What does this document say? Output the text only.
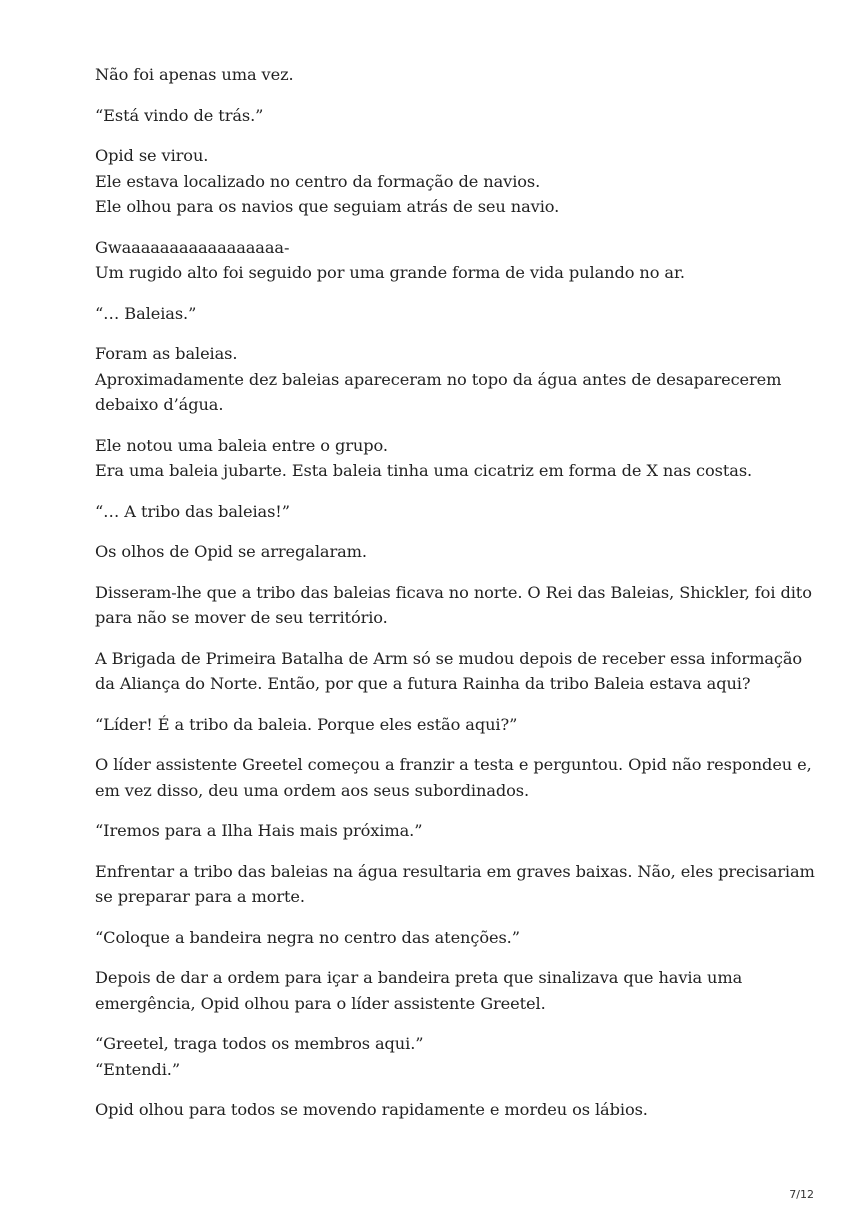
Não foi apenas uma vez.
“Está vindo de trás.”
Opid se virou.
Ele estava localizado no centro da formação de navios.
Ele olhou para os navios que seguiam atrás de seu navio.
Gwaaaaaaaaaaaaaaaaa-
Um rugido alto foi seguido por uma grande forma de vida pulando no ar.
“… Baleias.”
Foram as baleias.
Aproximadamente dez baleias apareceram no topo da água antes de desaparecerem
debaixo d’água.
Ele notou uma baleia entre o grupo.
Era uma baleia jubarte. Esta baleia tinha uma cicatriz em forma de X nas costas.
“… A tribo das baleias!”
Os olhos de Opid se arregalaram.
Disseram-lhe que a tribo das baleias ficava no norte. O Rei das Baleias, Shickler, foi dito
para não se mover de seu território.
A Brigada de Primeira Batalha de Arm só se mudou depois de receber essa informação
da Aliança do Norte. Então, por que a futura Rainha da tribo Baleia estava aqui?
“Líder! É a tribo da baleia. Porque eles estão aqui?”
O líder assistente Greetel começou a franzir a testa e perguntou. Opid não respondeu e,
em vez disso, deu uma ordem aos seus subordinados.
“Iremos para a Ilha Hais mais próxima.”
Enfrentar a tribo das baleias na água resultaria em graves baixas. Não, eles precisariam
se preparar para a morte.
“Coloque a bandeira negra no centro das atenções.”
Depois de dar a ordem para içar a bandeira preta que sinalizava que havia uma
emergência, Opid olhou para o líder assistente Greetel.
“Greetel, traga todos os membros aqui.”
“Entendi.”
Opid olhou para todos se movendo rapidamente e mordeu os lábios.
7/12
